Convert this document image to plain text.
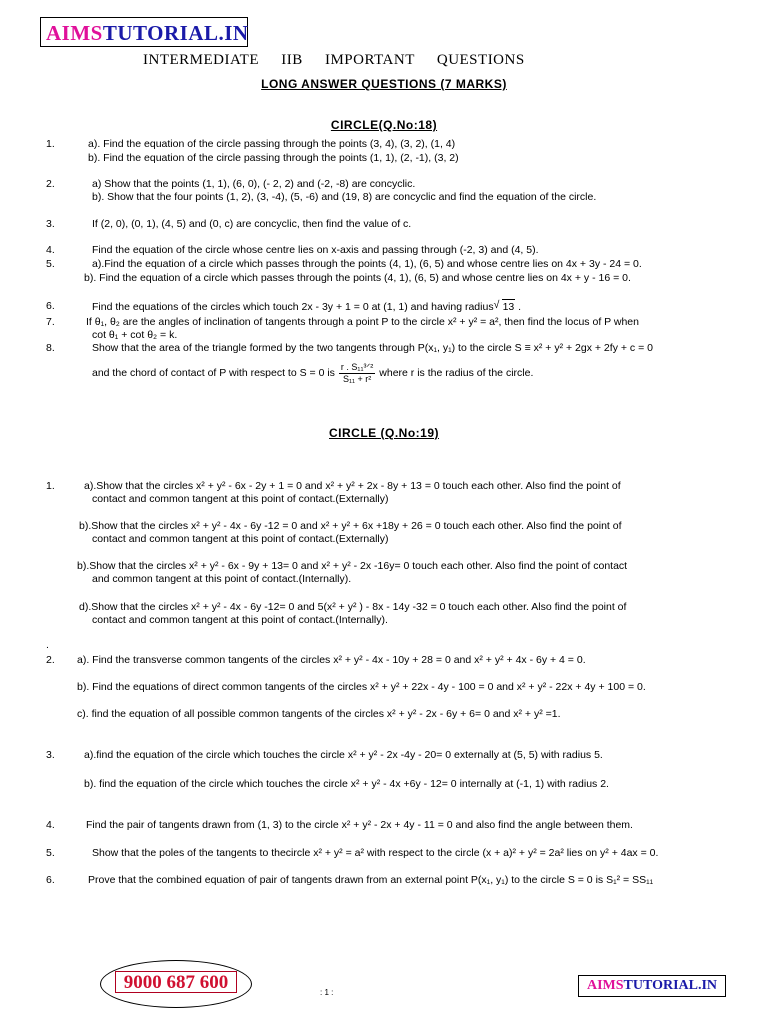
AIMSTUTORIAL.IN
INTERMEDIATE IIB IMPORTANT QUESTIONS
LONG ANSWER QUESTIONS (7 MARKS)
CIRCLE(Q.No:18)
1.	a). Find the equation of the circle passing through the points (3, 4), (3, 2), (1, 4)
b). Find the equation of the circle passing through the points (1, 1), (2, -1), (3, 2)
2.	a) Show that the points (1, 1), (6, 0), (- 2, 2) and (-2, -8) are concyclic.
b). Show that the four points (1, 2), (3, -4), (5, -6) and (19, 8) are concyclic and find the equation of the circle.
3.	If (2, 0), (0, 1), (4, 5) and (0, c) are concyclic, then find the value of c.
4.	Find the equation of the circle whose centre lies on x-axis and passing through (-2, 3) and (4, 5).
5.	a).Find the equation of a circle which passes through the points (4, 1), (6, 5) and whose centre lies on 4x + 3y - 24 = 0.
b). Find the equation of a circle which passes through the points (4, 1), (6, 5) and whose centre lies on 4x + y - 16 = 0.
6.	Find the equations of the circles which touch 2x - 3y + 1 = 0 at (1, 1) and having radius√ 13 .
7.	If θ₁, θ₂ are the angles of inclination of tangents through a point P to the circle x² + y² = a², then find the locus of P when
cot θ₁ + cot θ₂ = k.
8.	Show that the area of the triangle formed by the two tangents through P(x₁, y₁) to the circle S ≡ x² + y² + 2gx + 2fy + c = 0
and the chord of contact of P with respect to S = 0 is $\frac{\text{r . S₁₁³ᐟ²}}{\text{S₁₁ + r²}}$ where r is the radius of the circle.
CIRCLE (Q.No:19)
1.	a).Show that the circles x² + y² - 6x - 2y + 1 = 0 and x² + y² + 2x - 8y + 13 = 0 touch each other. Also find the point of
contact and common tangent at this point of contact.(Externally)
b).Show that the circles x² + y² - 4x - 6y -12 = 0 and x² + y² + 6x +18y + 26 = 0 touch each other. Also find the point of
contact and common tangent at this point of contact.(Externally)
b).Show that the circles x² + y² - 6x - 9y + 13= 0 and x² + y² - 2x -16y= 0 touch each other. Also find the point of contact
and common tangent at this point of contact.(Internally).
d).Show that the circles x² + y² - 4x - 6y -12= 0 and 5(x² + y² ) - 8x - 14y -32 = 0 touch each other. Also find the point of
contact and common tangent at this point of contact.(Internally).
.
2. a). Find the transverse common tangents of the circles x² + y² - 4x - 10y + 28 = 0 and x² + y² + 4x - 6y + 4 = 0.
b). Find the equations of direct common tangents of the circles x² + y² + 22x - 4y - 100 = 0 and x² + y² - 22x + 4y + 100 = 0.
c). find the equation of all possible common tangents of the circles x² + y² - 2x - 6y + 6= 0 and x² + y² =1.
3.	a).find the equation of the circle which touches the circle x² + y² - 2x -4y - 20= 0 externally at (5, 5) with radius 5.
b). find the equation of the circle which touches the circle x² + y² - 4x +6y - 12= 0 internally at (-1, 1) with radius 2.
4.	Find the pair of tangents drawn from (1, 3) to the circle x² + y² - 2x + 4y - 11 = 0 and also find the angle between them.
5.	Show that the poles of the tangents to thecircle x² + y² = a² with respect to the circle (x + a)² + y² = 2a² lies on y² + 4ax = 0.
6.	Prove that the combined equation of pair of tangents drawn from an external point P(x₁, y₁) to the circle S = 0 is S₁² = SS₁₁
9000 687 600	: 1 :	AIMSTUTORIAL.IN
